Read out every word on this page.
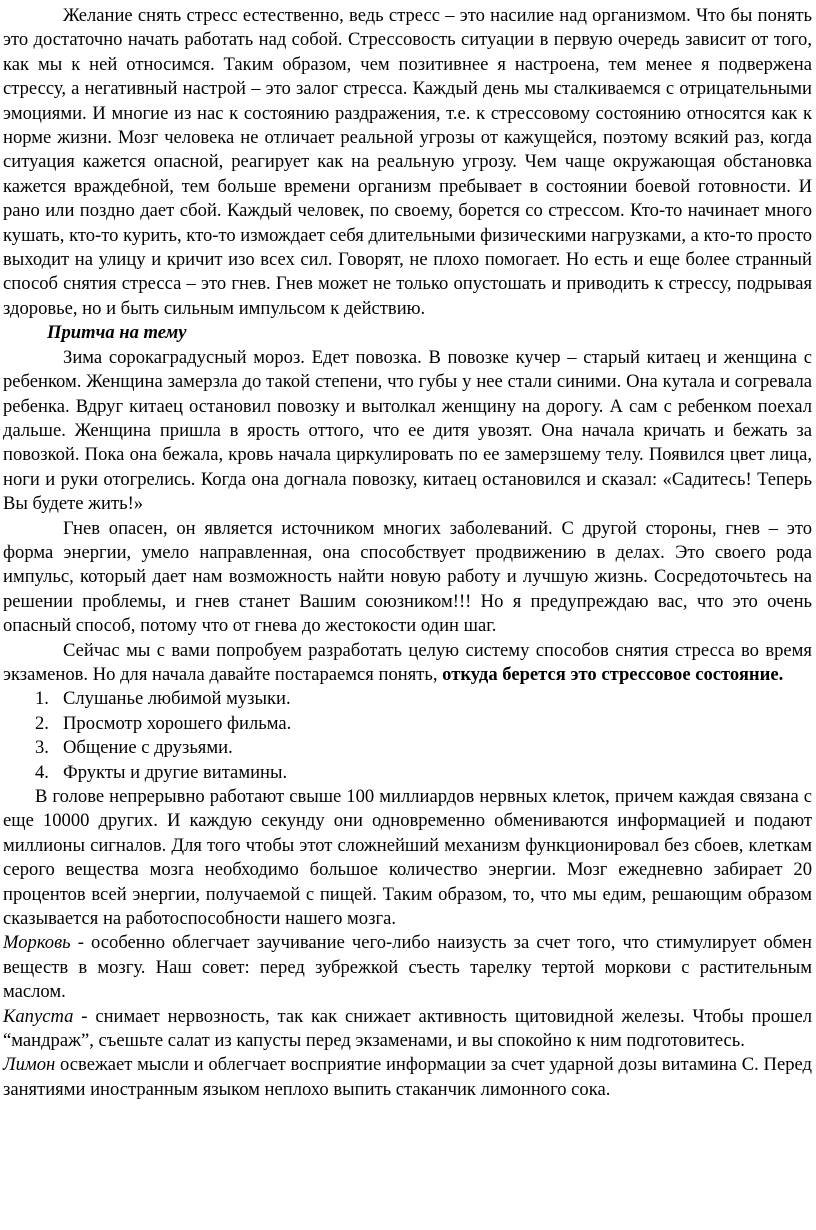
Желание снять стресс естественно, ведь стресс – это насилие над организмом. Что бы понять это достаточно начать работать над собой. Стрессовость ситуации в первую очередь зависит от того, как мы к ней относимся. Таким образом, чем позитивнее я настроена, тем менее я подвержена стрессу, а негативный настрой – это залог стресса. Каждый день мы сталкиваемся с отрицательными эмоциями. И многие из нас к состоянию раздражения, т.е. к стрессовому состоянию относятся как к норме жизни. Мозг человека не отличает реальной угрозы от кажущейся, поэтому всякий раз, когда ситуация кажется опасной, реагирует как на реальную угрозу. Чем чаще окружающая обстановка кажется враждебной, тем больше времени организм пребывает в состоянии боевой готовности. И рано или поздно дает сбой. Каждый человек, по своему, борется со стрессом. Кто-то начинает много кушать, кто-то курить, кто-то измождает себя длительными физическими нагрузками, а кто-то просто выходит на улицу и кричит изо всех сил. Говорят, не плохо помогает. Но есть и еще более странный способ снятия стресса – это гнев. Гнев может не только опустошать и приводить к стрессу, подрывая здоровье, но и быть сильным импульсом к действию.

Притча на тему

Зима сорокаградусный мороз. Едет повозка. В повозке кучер – старый китаец и женщина с ребенком. Женщина замерзла до такой степени, что губы у нее стали синими. Она кутала и согревала ребенка. Вдруг китаец остановил повозку и вытолкал женщину на дорогу. А сам с ребенком поехал дальше. Женщина пришла в ярость оттого, что ее дитя увозят. Она начала кричать и бежать за повозкой. Пока она бежала, кровь начала циркулировать по ее замерзшему телу. Появился цвет лица, ноги и руки отогрелись. Когда она догнала повозку, китаец остановился и сказал: «Садитесь! Теперь Вы будете жить!»

Гнев опасен, он является источником многих заболеваний. С другой стороны, гнев – это форма энергии, умело направленная, она способствует продвижению в делах. Это своего рода импульс, который дает нам возможность найти новую работу и лучшую жизнь. Сосредоточьтесь на решении проблемы, и гнев станет Вашим союзником!!! Но я предупреждаю вас, что это очень опасный способ, потому что от гнева до жестокости один шаг.

Сейчас мы с вами попробуем разработать целую систему способов снятия стресса во время экзаменов. Но для начала давайте постараемся понять, откуда берется это стрессовое состояние.

1. Слушанье любимой музыки.
2. Просмотр хорошего фильма.
3. Общение с друзьями.
4. Фрукты и другие витамины.

В голове непрерывно работают свыше 100 миллиардов нервных клеток, причем каждая связана с еще 10000 других. И каждую секунду они одновременно обмениваются информацией и подают миллионы сигналов. Для того чтобы этот сложнейший механизм функционировал без сбоев, клеткам серого вещества мозга необходимо большое количество энергии. Мозг ежедневно забирает 20 процентов всей энергии, получаемой с пищей. Таким образом, то, что мы едим, решающим образом сказывается на работоспособности нашего мозга.

Морковь - особенно облегчает заучивание чего-либо наизусть за счет того, что стимулирует обмен веществ в мозгу. Наш совет: перед зубрежкой съесть тарелку тертой моркови с растительным маслом.

Капуста - снимает нервозность, так как снижает активность щитовидной железы. Чтобы прошел “мандраж”, съешьте салат из капусты перед экзаменами, и вы спокойно к ним подготовитесь.

Лимон освежает мысли и облегчает восприятие информации за счет ударной дозы витамина С. Перед занятиями иностранным языком неплохо выпить стаканчик лимонного сока.
